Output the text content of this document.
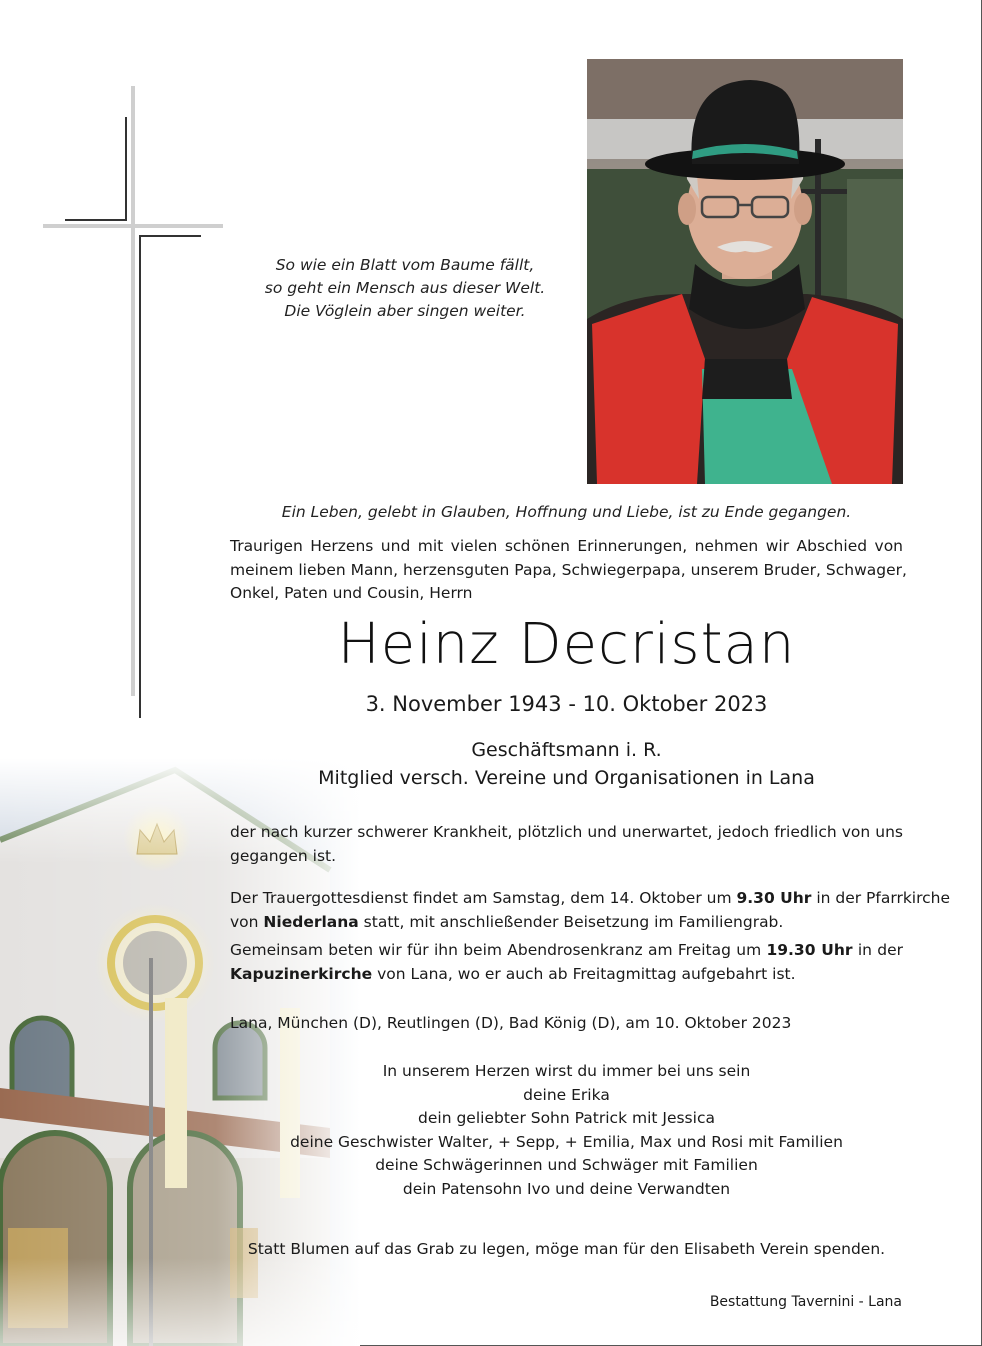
So wie ein Blatt vom Baume fällt,
so geht ein Mensch aus dieser Welt.
Die Vöglein aber singen weiter.
Ein Leben, gelebt in Glauben, Hoffnung und Liebe, ist zu Ende gegangen.
Traurigen Herzens und mit vielen schönen Erinnerungen, nehmen wir Abschied von
meinem lieben Mann, herzensguten Papa, Schwiegerpapa, unserem Bruder, Schwager,
Onkel, Paten und Cousin, Herrn
Heinz Decristan
3. November 1943 - 10. Oktober 2023
Geschäftsmann i. R.
Mitglied versch. Vereine und Organisationen in Lana
der nach kurzer schwerer Krankheit, plötzlich und unerwartet, jedoch friedlich von uns
gegangen ist.
Der Trauergottesdienst findet am Samstag, dem 14. Oktober um 9.30 Uhr in der Pfarrkirche
von Niederlana statt, mit anschließender Beisetzung im Familiengrab.
Gemeinsam beten wir für ihn beim Abendrosenkranz am Freitag um 19.30 Uhr in der
Kapuzinerkirche von Lana, wo er auch ab Freitagmittag aufgebahrt ist.
Lana, München (D), Reutlingen (D), Bad König (D), am 10. Oktober 2023
In unserem Herzen wirst du immer bei uns sein
deine Erika
dein geliebter Sohn Patrick mit Jessica
deine Geschwister Walter, + Sepp, + Emilia, Max und Rosi mit Familien
deine Schwägerinnen und Schwäger mit Familien
dein Patensohn Ivo und deine Verwandten
Statt Blumen auf das Grab zu legen, möge man für den Elisabeth Verein spenden.
Bestattung Tavernini - Lana
